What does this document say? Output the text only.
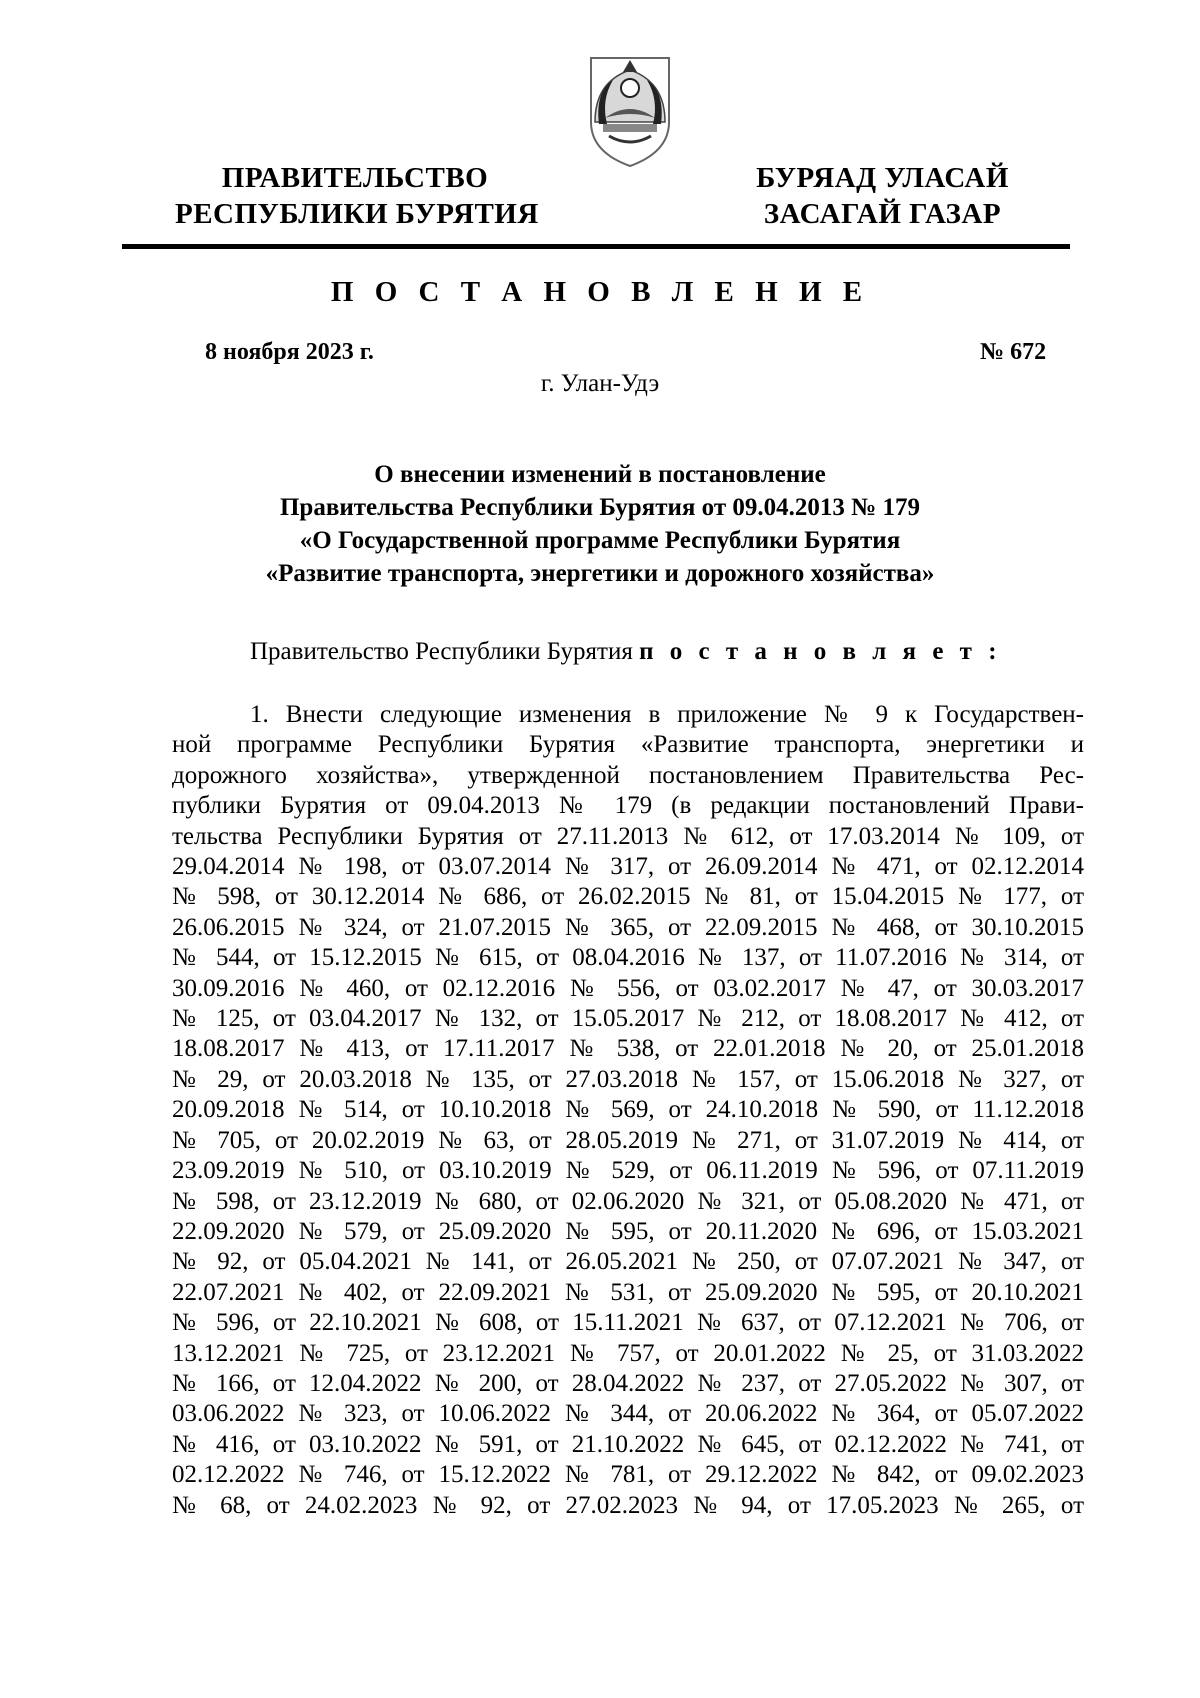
ПРАВИТЕЛЬСТВО
РЕСПУБЛИКИ БУРЯТИЯ
БУРЯАД УЛАСАЙ
ЗАСАГАЙ ГАЗАР
П О С Т А Н О В Л Е Н И Е
8 ноября 2023 г.	№ 672
г. Улан-Удэ
О внесении изменений в постановление
Правительства Республики Бурятия от 09.04.2013 № 179
«О Государственной программе Республики Бурятия
«Развитие транспорта, энергетики и дорожного хозяйства»
Правительство Республики Бурятия п о с т а н о в л я е т :
1. Внести следующие изменения в приложение № 9 к Государствен-
ной программе Республики Бурятия «Развитие транспорта, энергетики и
дорожного хозяйства», утвержденной постановлением Правительства Рес-
публики Бурятия от 09.04.2013 № 179 (в редакции постановлений Прави-
тельства Республики Бурятия от 27.11.2013 № 612, от 17.03.2014 № 109, от
29.04.2014 № 198, от 03.07.2014 № 317, от 26.09.2014 № 471, от 02.12.2014
№ 598, от 30.12.2014 № 686, от 26.02.2015 № 81, от 15.04.2015 № 177, от
26.06.2015 № 324, от 21.07.2015 № 365, от 22.09.2015 № 468, от 30.10.2015
№ 544, от 15.12.2015 № 615, от 08.04.2016 № 137, от 11.07.2016 № 314, от
30.09.2016 № 460, от 02.12.2016 № 556, от 03.02.2017 № 47, от 30.03.2017
№ 125, от 03.04.2017 № 132, от 15.05.2017 № 212, от 18.08.2017 № 412, от
18.08.2017 № 413, от 17.11.2017 № 538, от 22.01.2018 № 20, от 25.01.2018
№ 29, от 20.03.2018 № 135, от 27.03.2018 № 157, от 15.06.2018 № 327, от
20.09.2018 № 514, от 10.10.2018 № 569, от 24.10.2018 № 590, от 11.12.2018
№ 705, от 20.02.2019 № 63, от 28.05.2019 № 271, от 31.07.2019 № 414, от
23.09.2019 № 510, от 03.10.2019 № 529, от 06.11.2019 № 596, от 07.11.2019
№ 598, от 23.12.2019 № 680, от 02.06.2020 № 321, от 05.08.2020 № 471, от
22.09.2020 № 579, от 25.09.2020 № 595, от 20.11.2020 № 696, от 15.03.2021
№ 92, от 05.04.2021 № 141, от 26.05.2021 № 250, от 07.07.2021 № 347, от
22.07.2021 № 402, от 22.09.2021 № 531, от 25.09.2020 № 595, от 20.10.2021
№ 596, от 22.10.2021 № 608, от 15.11.2021 № 637, от 07.12.2021 № 706, от
13.12.2021 № 725, от 23.12.2021 № 757, от 20.01.2022 № 25, от 31.03.2022
№ 166, от 12.04.2022 № 200, от 28.04.2022 № 237, от 27.05.2022 № 307, от
03.06.2022 № 323, от 10.06.2022 № 344, от 20.06.2022 № 364, от 05.07.2022
№ 416, от 03.10.2022 № 591, от 21.10.2022 № 645, от 02.12.2022 № 741, от
02.12.2022 № 746, от 15.12.2022 № 781, от 29.12.2022 № 842, от 09.02.2023
№ 68, от 24.02.2023 № 92, от 27.02.2023 № 94, от 17.05.2023 № 265, от
